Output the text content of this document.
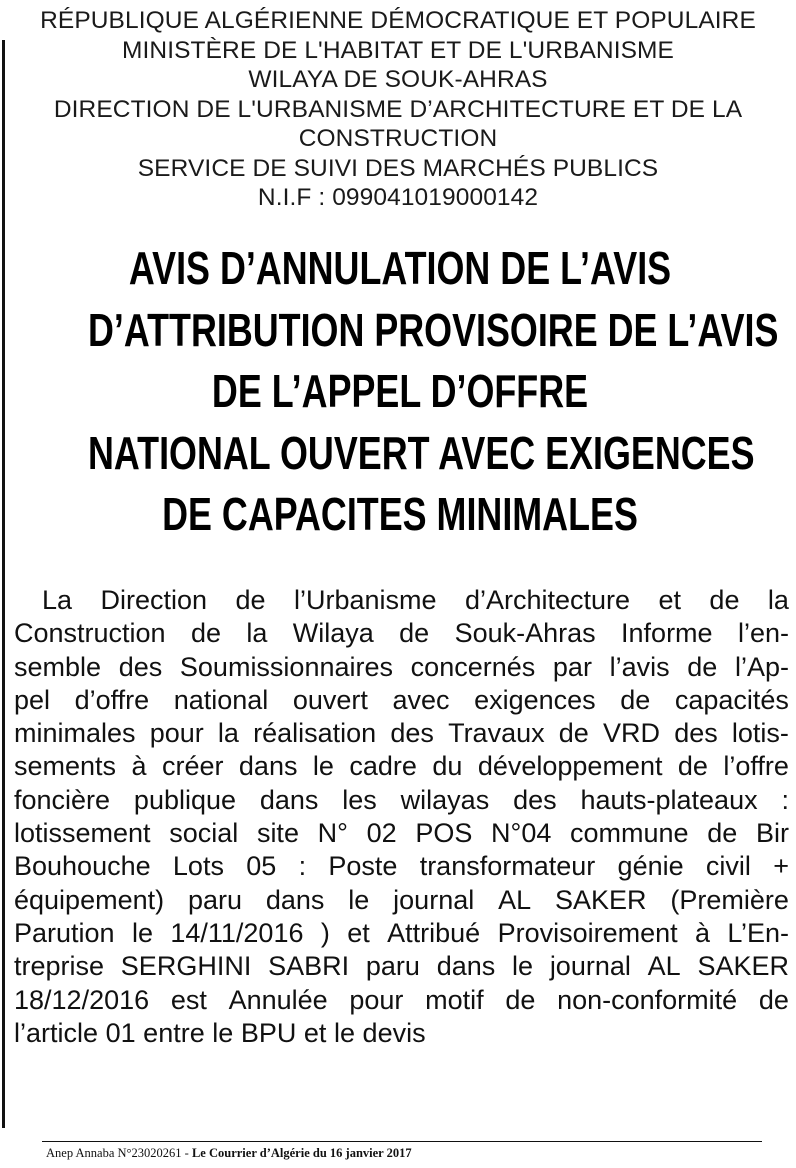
RÉPUBLIQUE ALGÉRIENNE DÉMOCRATIQUE ET POPULAIRE
MINISTÈRE DE L'HABITAT ET DE L'URBANISME
WILAYA DE SOUK-AHRAS
DIRECTION DE L'URBANISME D’ARCHITECTURE ET DE LA
CONSTRUCTION
SERVICE DE SUIVI DES MARCHÉS PUBLICS
N.I.F : 099041019000142
AVIS D’ANNULATION DE L’AVIS
D’ATTRIBUTION PROVISOIRE DE L’AVIS
DE L’APPEL D’OFFRE
NATIONAL OUVERT AVEC EXIGENCES
DE CAPACITES MINIMALES
La Direction de l’Urbanisme d’Architecture et de la
Construction de la Wilaya de Souk-Ahras Informe l’en-
semble des Soumissionnaires concernés par l’avis de l’Ap-
pel d’offre national ouvert avec exigences de capacités
minimales pour la réalisation des Travaux de VRD des lotis-
sements à créer dans le cadre du développement de l’offre
foncière publique dans les wilayas des hauts-plateaux :
lotissement social site N° 02 POS N°04 commune de Bir
Bouhouche Lots 05 : Poste transformateur génie civil +
équipement) paru dans le journal AL SAKER (Première
Parution le 14/11/2016 ) et Attribué Provisoirement à L’En-
treprise SERGHINI SABRI paru dans le journal AL SAKER
18/12/2016 est Annulée pour motif de non-conformité de
l’article 01 entre le BPU et le devis
Anep Annaba N°23020261 - Le Courrier d’Algérie du 16 janvier 2017
